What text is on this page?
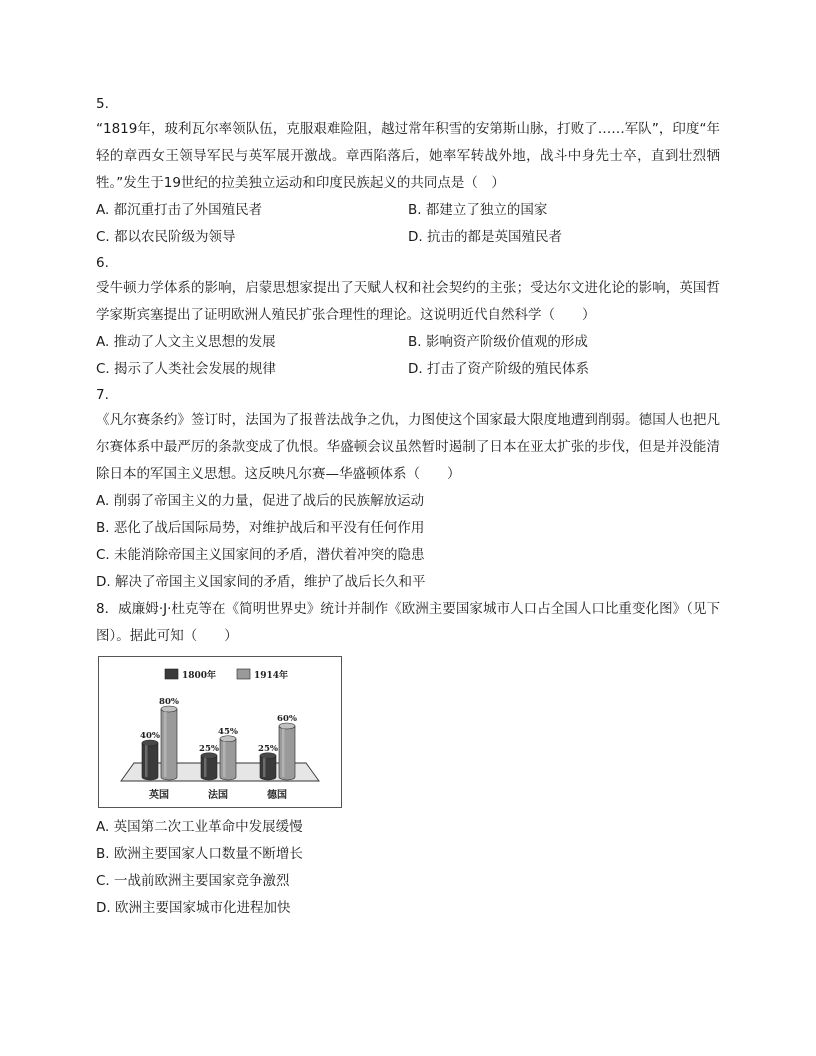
5.
“1819年，玻利瓦尔率领队伍，克服艰难险阻，越过常年积雪的安第斯山脉，打败了……军队”，印度“年轻的章西女王领导军民与英军展开激战。章西陷落后，她率军转战外地，战斗中身先士卒，直到壮烈牺牲。”发生于19世纪的拉美独立运动和印度民族起义的共同点是（　）
A. 都沉重打击了外国殖民者	B. 都建立了独立的国家
C. 都以农民阶级为领导	D. 抗击的都是英国殖民者
6.
受牛顿力学体系的影响，启蒙思想家提出了天赋人权和社会契约的主张；受达尔文进化论的影响，英国哲学家斯宾塞提出了证明欧洲人殖民扩张合理性的理论。这说明近代自然科学（　　）
A. 推动了人文主义思想的发展	B. 影响资产阶级价值观的形成
C. 揭示了人类社会发展的规律	D. 打击了资产阶级的殖民体系
7.
《凡尔赛条约》签订时，法国为了报普法战争之仇，力图使这个国家最大限度地遭到削弱。德国人也把凡尔赛体系中最严厉的条款变成了仇恨。华盛顿会议虽然暂时遏制了日本在亚太扩张的步伐，但是并没能清除日本的军国主义思想。这反映凡尔赛—华盛顿体系（　　）
A. 削弱了帝国主义的力量，促进了战后的民族解放运动
B. 恶化了战后国际局势，对维护战后和平没有任何作用
C. 未能消除帝国主义国家间的矛盾，潜伏着冲突的隐患
D. 解决了帝国主义国家间的矛盾，维护了战后长久和平
8．威廉姆·J·杜克等在《简明世界史》统计并制作《欧洲主要国家城市人口占全国人口比重变化图》（见下图）。据此可知（　　）
1800年	1914年
40%
80%
英国
25%
45%
法国
25%
60%
德国
A. 英国第二次工业革命中发展缓慢
B. 欧洲主要国家人口数量不断增长
C. 一战前欧洲主要国家竞争激烈
D. 欧洲主要国家城市化进程加快
